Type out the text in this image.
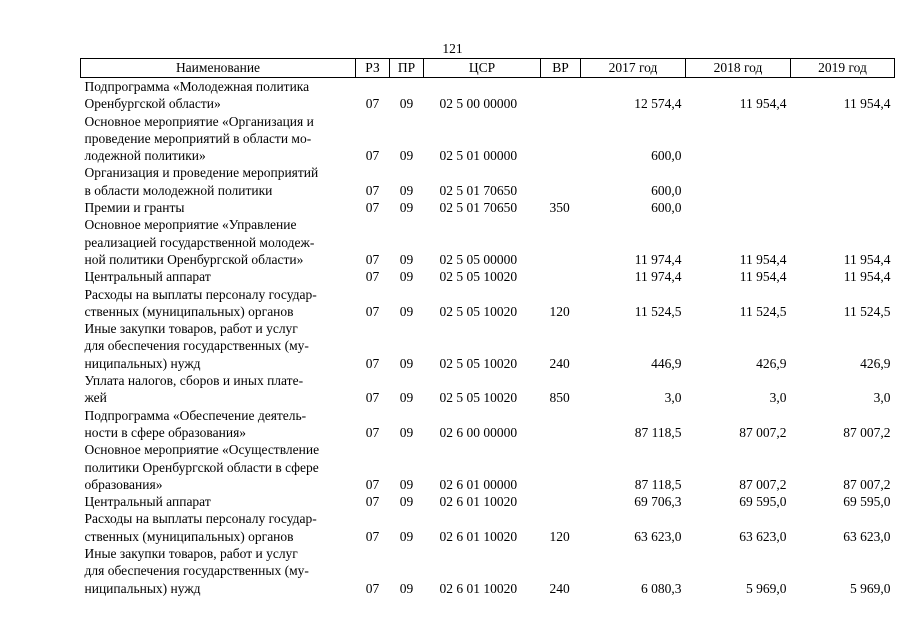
121
Наименование	РЗ	ПР	ЦСР	ВР	2017 год	2018 год	2019 год

Подпрограмма «Молодежная политика
Оренбургской области»	07	09	02 5 00 00000		12 574,4	11 954,4	11 954,4

Основное мероприятие «Организация и
проведение мероприятий в области мо-
лодежной политики»	07	09	02 5 01 00000		600,0		

Организация и проведение мероприятий
в области молодежной политики	07	09	02 5 01 70650		600,0		

Премии и гранты	07	09	02 5 01 70650	350	600,0		

Основное мероприятие «Управление
реализацией государственной молодеж-
ной политики Оренбургской области»	07	09	02 5 05 00000		11 974,4	11 954,4	11 954,4

Центральный аппарат	07	09	02 5 05 10020		11 974,4	11 954,4	11 954,4

Расходы на выплаты персоналу государ-
ственных (муниципальных) органов	07	09	02 5 05 10020	120	11 524,5	11 524,5	11 524,5

Иные закупки товаров, работ и услуг
для обеспечения государственных (му-
ниципальных) нужд	07	09	02 5 05 10020	240	446,9	426,9	426,9

Уплата налогов, сборов и иных плате-
жей	07	09	02 5 05 10020	850	3,0	3,0	3,0

Подпрограмма «Обеспечение деятель-
ности в сфере образования»	07	09	02 6 00 00000		87 118,5	87 007,2	87 007,2

Основное мероприятие «Осуществление
политики Оренбургской области в сфере
образования»	07	09	02 6 01 00000		87 118,5	87 007,2	87 007,2

Центральный аппарат	07	09	02 6 01 10020		69 706,3	69 595,0	69 595,0

Расходы на выплаты персоналу государ-
ственных (муниципальных) органов	07	09	02 6 01 10020	120	63 623,0	63 623,0	63 623,0

Иные закупки товаров, работ и услуг
для обеспечения государственных (му-
ниципальных) нужд	07	09	02 6 01 10020	240	6 080,3	5 969,0	5 969,0
